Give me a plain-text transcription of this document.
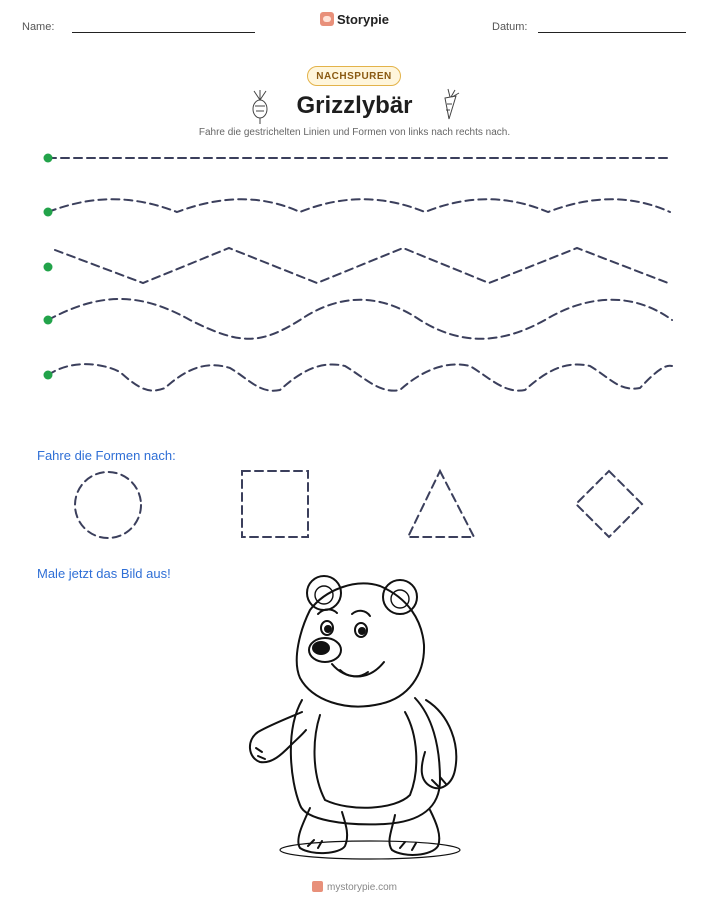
Name:	Storypie	Datum:
NACHSPUREN
Grizzlybär
Fahre die gestrichelten Linien und Formen von links nach rechts nach.
Fahre die Formen nach:
Male jetzt das Bild aus!
mystorypie.com
